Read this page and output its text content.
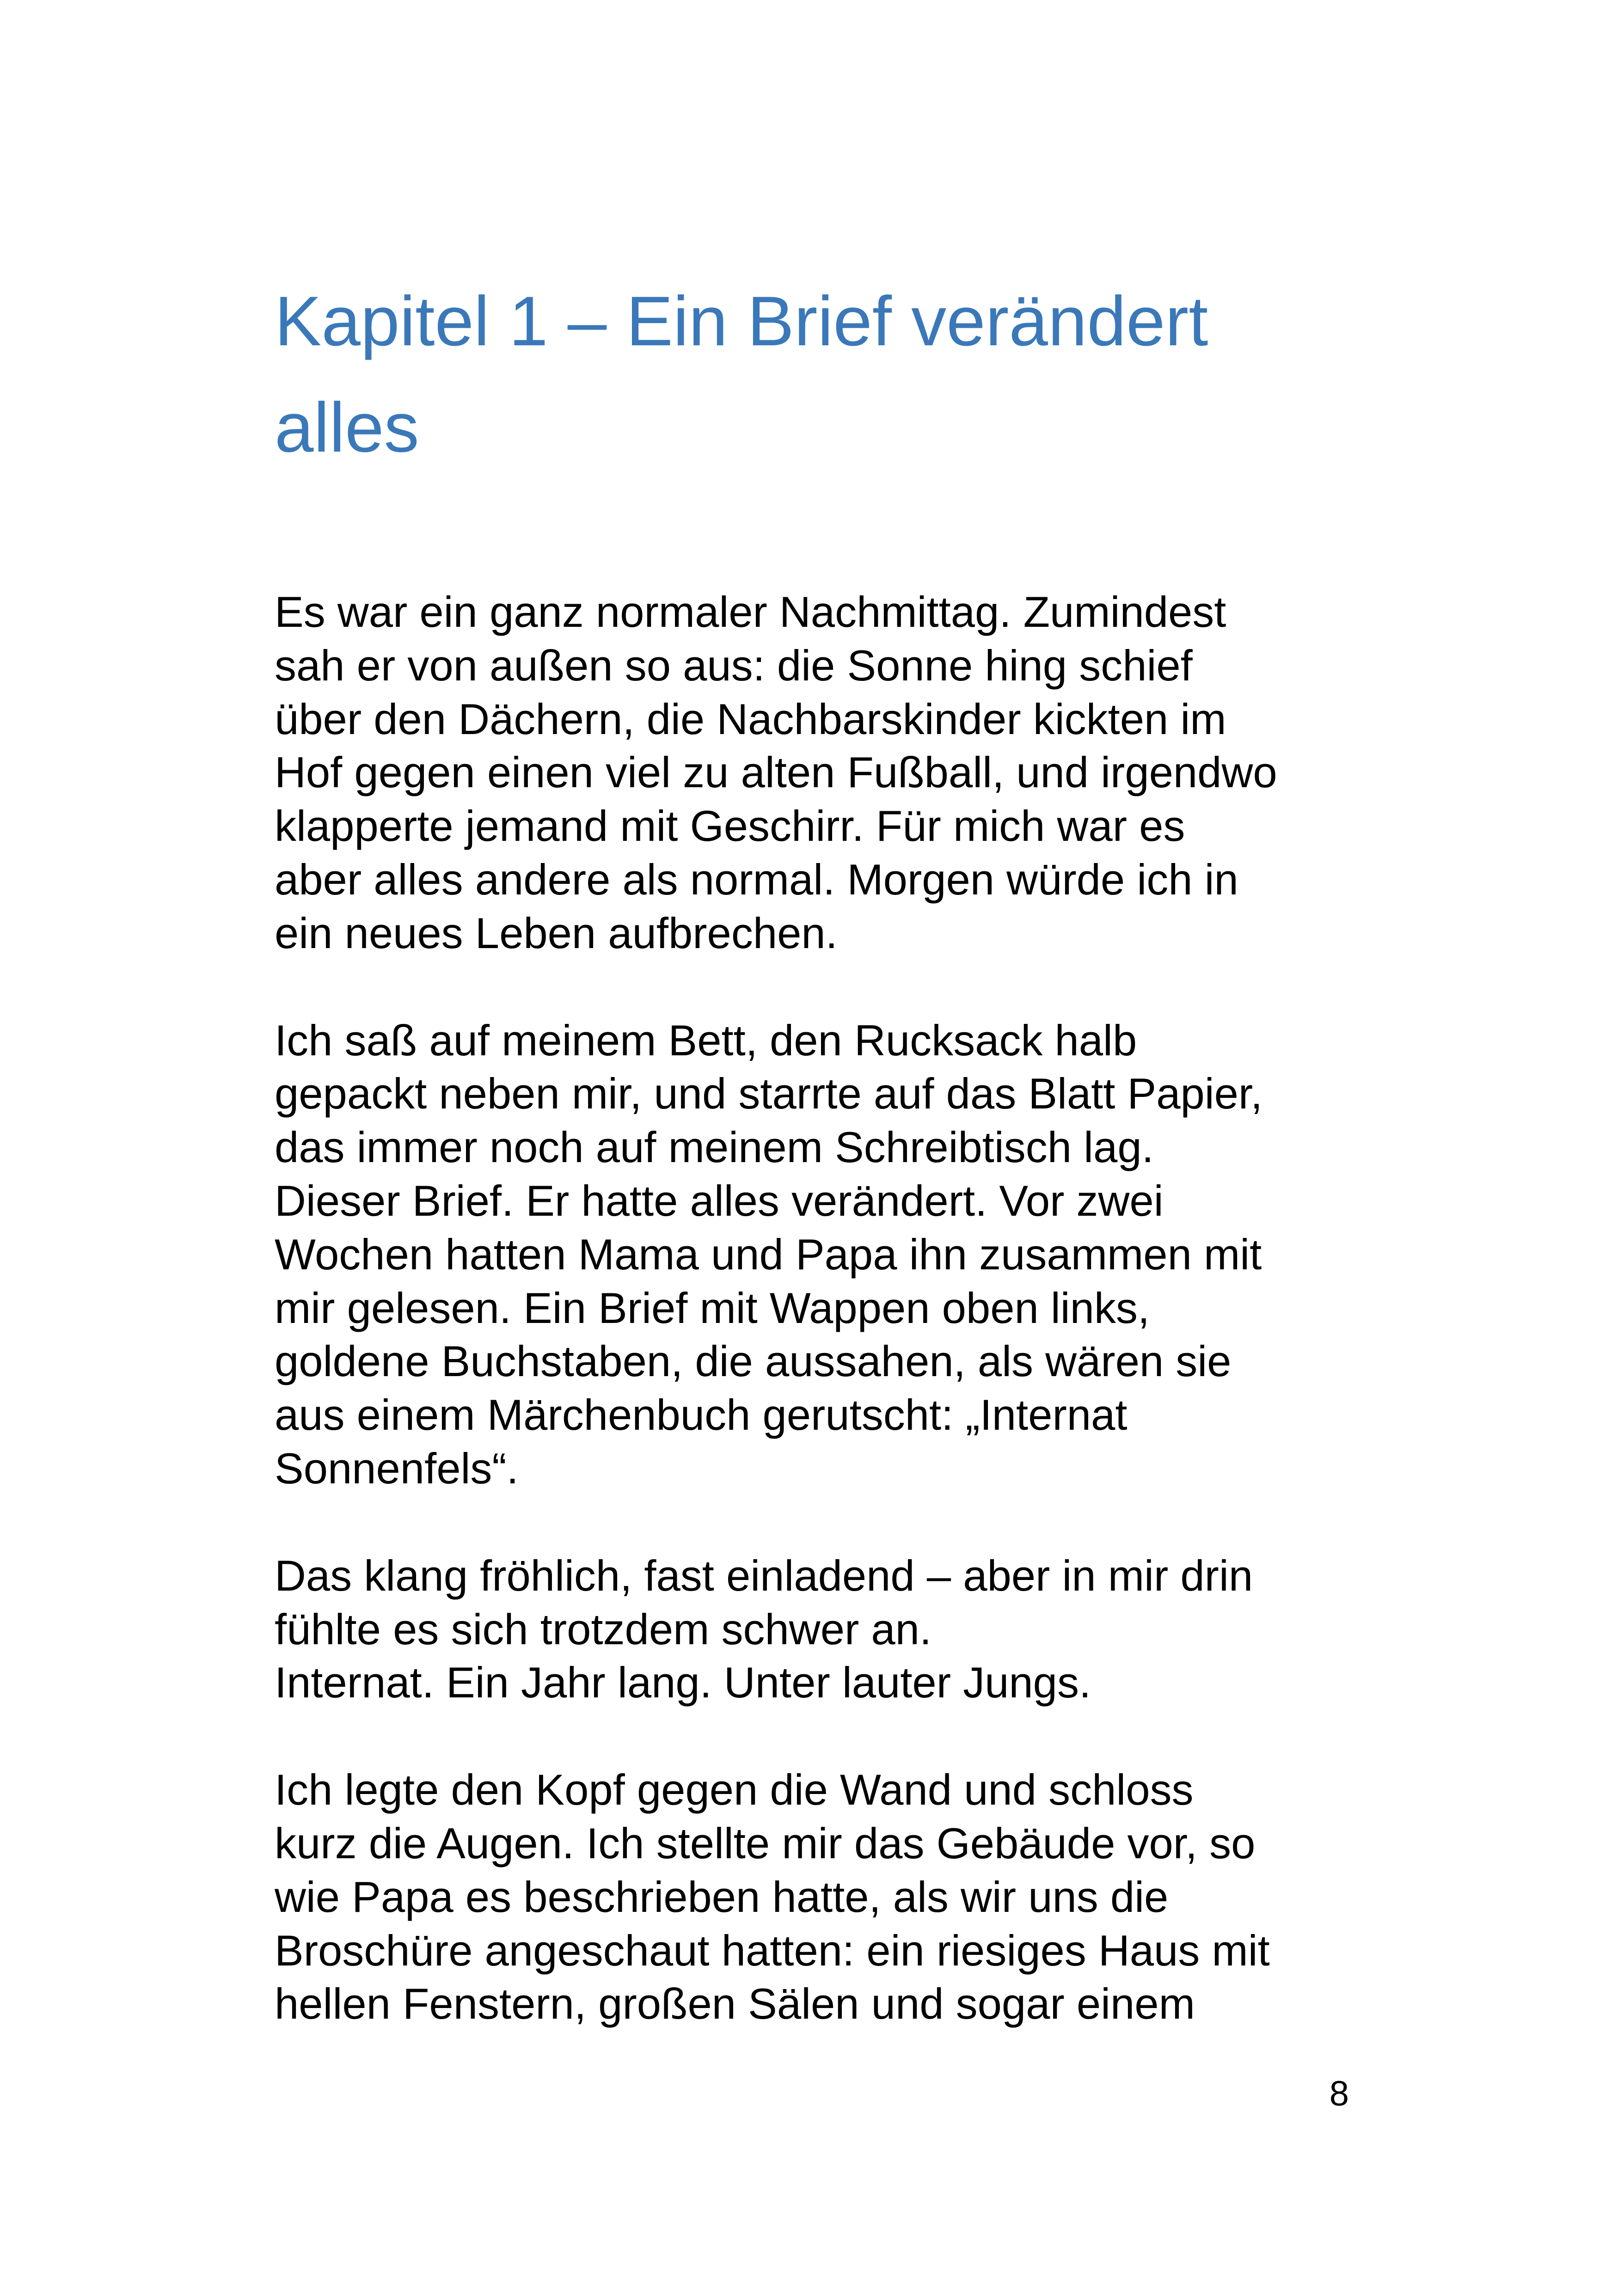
Kapitel 1 – Ein Brief verändert
alles

Es war ein ganz normaler Nachmittag. Zumindest
sah er von außen so aus: die Sonne hing schief
über den Dächern, die Nachbarskinder kickten im
Hof gegen einen viel zu alten Fußball, und irgendwo
klapperte jemand mit Geschirr. Für mich war es
aber alles andere als normal. Morgen würde ich in
ein neues Leben aufbrechen.

Ich saß auf meinem Bett, den Rucksack halb
gepackt neben mir, und starrte auf das Blatt Papier,
das immer noch auf meinem Schreibtisch lag.
Dieser Brief. Er hatte alles verändert. Vor zwei
Wochen hatten Mama und Papa ihn zusammen mit
mir gelesen. Ein Brief mit Wappen oben links,
goldene Buchstaben, die aussahen, als wären sie
aus einem Märchenbuch gerutscht: „Internat
Sonnenfels“.

Das klang fröhlich, fast einladend – aber in mir drin
fühlte es sich trotzdem schwer an.
Internat. Ein Jahr lang. Unter lauter Jungs.

Ich legte den Kopf gegen die Wand und schloss
kurz die Augen. Ich stellte mir das Gebäude vor, so
wie Papa es beschrieben hatte, als wir uns die
Broschüre angeschaut hatten: ein riesiges Haus mit
hellen Fenstern, großen Sälen und sogar einem

8
